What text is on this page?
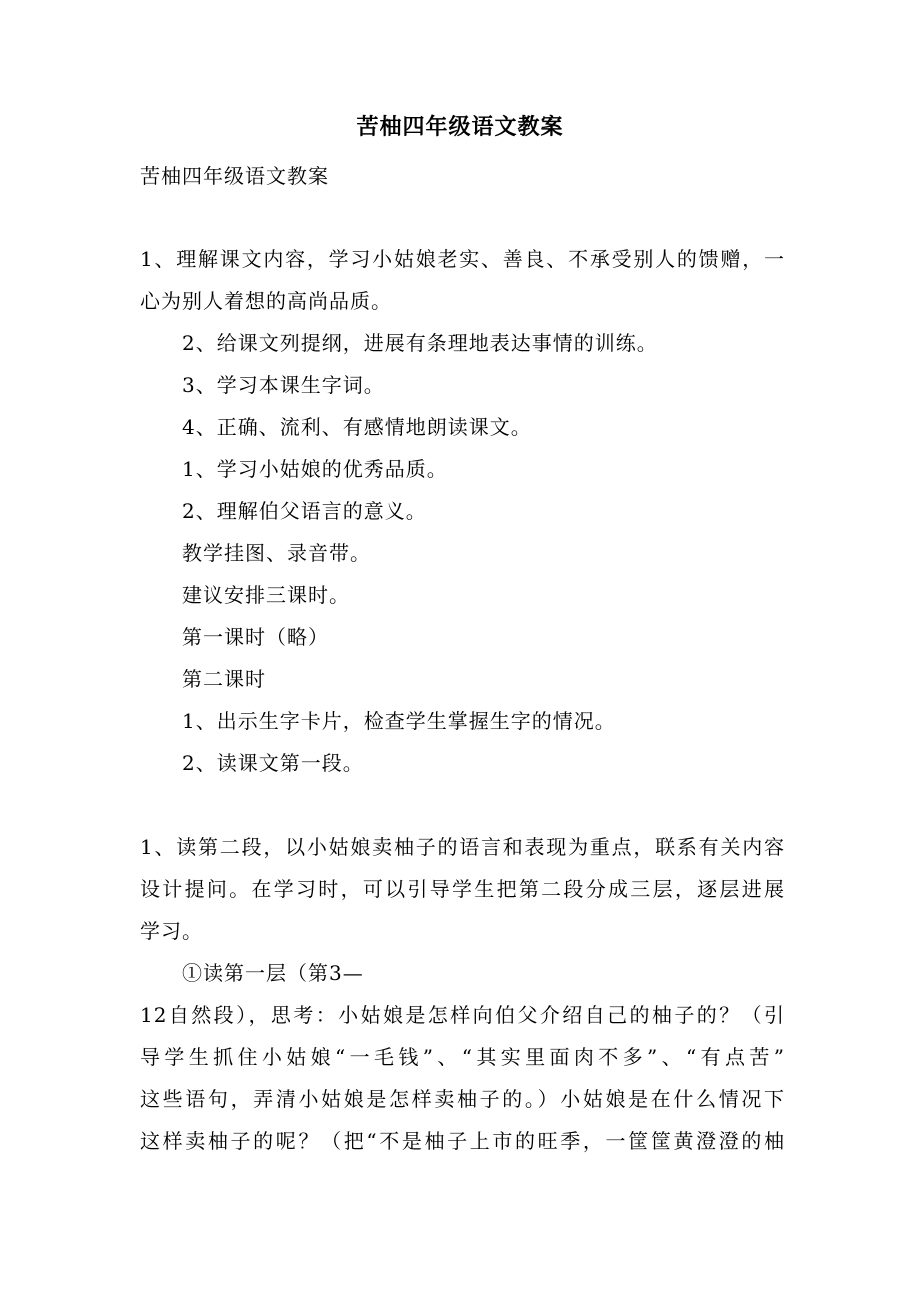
苦柚四年级语文教案

苦柚四年级语文教案

1、理解课文内容，学习小姑娘老实、善良、不承受别人的馈赠，一

心为别人着想的高尚品质。

2、给课文列提纲，进展有条理地表达事情的训练。

3、学习本课生字词。

4、正确、流利、有感情地朗读课文。

1、学习小姑娘的优秀品质。

2、理解伯父语言的意义。

教学挂图、录音带。

建议安排三课时。

第一课时（略）

第二课时

1、出示生字卡片，检查学生掌握生字的情况。

2、读课文第一段。

1、读第二段，以小姑娘卖柚子的语言和表现为重点，联系有关内容

设计提问。在学习时，可以引导学生把第二段分成三层，逐层进展

学习。

①读第一层（第3—

12自然段），思考：小姑娘是怎样向伯父介绍自己的柚子的？（引

导学生抓住小姑娘“一毛钱”、“其实里面肉不多”、“有点苦”

这些语句，弄清小姑娘是怎样卖柚子的。）小姑娘是在什么情况下

这样卖柚子的呢？（把“不是柚子上市的旺季，一筐筐黄澄澄的柚
